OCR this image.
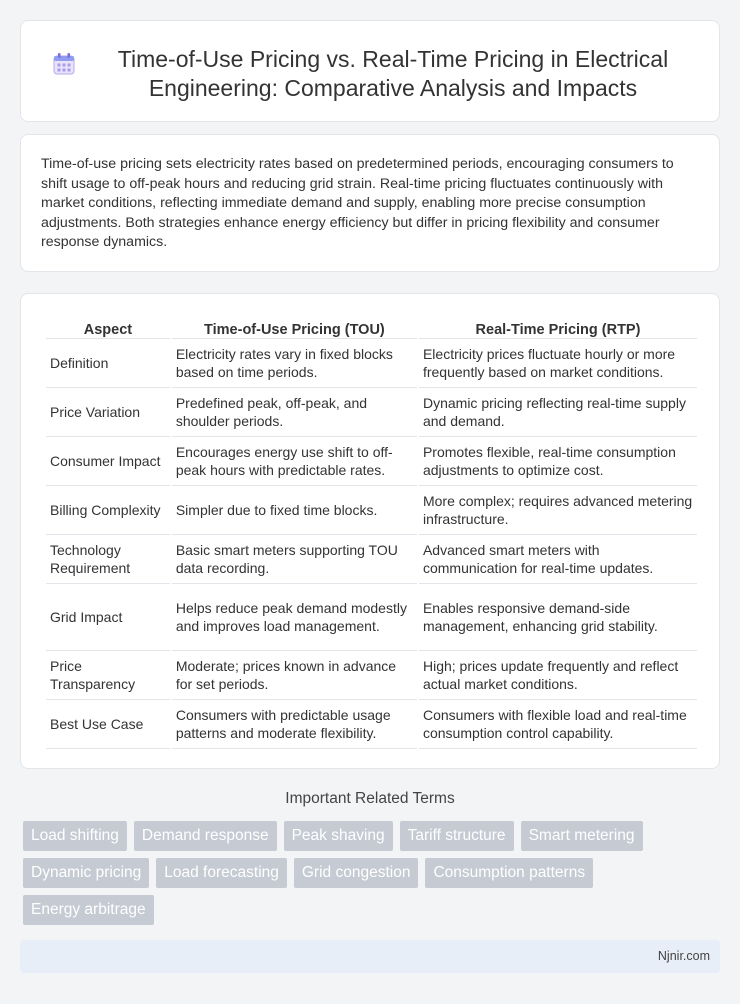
Time-of-Use Pricing vs. Real-Time Pricing in Electrical Engineering: Comparative Analysis and Impacts

Time-of-use pricing sets electricity rates based on predetermined periods, encouraging consumers to shift usage to off-peak hours and reducing grid strain. Real-time pricing fluctuates continuously with market conditions, reflecting immediate demand and supply, enabling more precise consumption adjustments. Both strategies enhance energy efficiency but differ in pricing flexibility and consumer response dynamics.

Aspect	Time-of-Use Pricing (TOU)	Real-Time Pricing (RTP)
Definition	Electricity rates vary in fixed blocks based on time periods.	Electricity prices fluctuate hourly or more frequently based on market conditions.
Price Variation	Predefined peak, off-peak, and shoulder periods.	Dynamic pricing reflecting real-time supply and demand.
Consumer Impact	Encourages energy use shift to off-peak hours with predictable rates.	Promotes flexible, real-time consumption adjustments to optimize cost.
Billing Complexity	Simpler due to fixed time blocks.	More complex; requires advanced metering infrastructure.
Technology Requirement	Basic smart meters supporting TOU data recording.	Advanced smart meters with communication for real-time updates.
Grid Impact	Helps reduce peak demand modestly and improves load management.	Enables responsive demand-side management, enhancing grid stability.
Price Transparency	Moderate; prices known in advance for set periods.	High; prices update frequently and reflect actual market conditions.
Best Use Case	Consumers with predictable usage patterns and moderate flexibility.	Consumers with flexible load and real-time consumption control capability.
Important Related Terms
Load shifting	Demand response	Peak shaving	Tariff structure	Smart metering
Dynamic pricing	Load forecasting	Grid congestion	Consumption patterns
Energy arbitrage
Njnir.com
